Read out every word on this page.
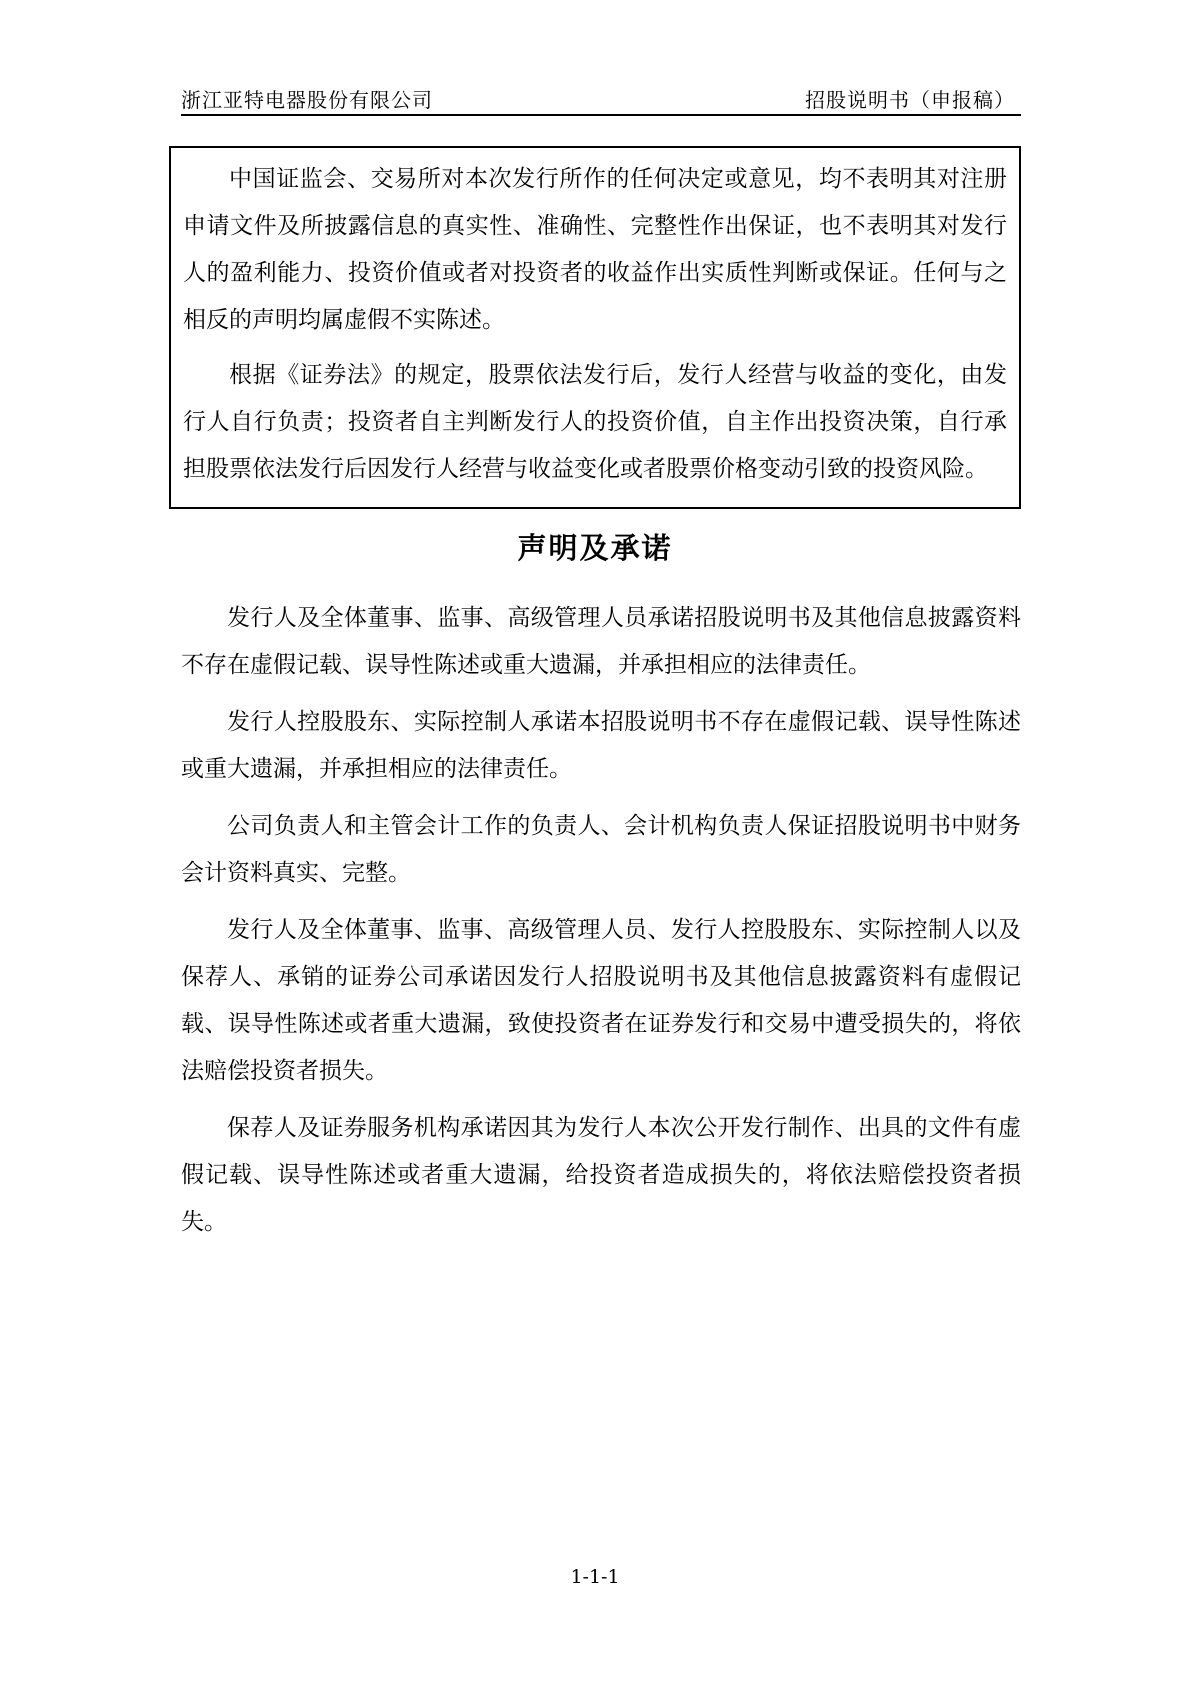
浙江亚特电器股份有限公司	招股说明书（申报稿）

中国证监会、交易所对本次发行所作的任何决定或意见，均不表明其对注册申请文件及所披露信息的真实性、准确性、完整性作出保证，也不表明其对发行人的盈利能力、投资价值或者对投资者的收益作出实质性判断或保证。任何与之相反的声明均属虚假不实陈述。

根据《证券法》的规定，股票依法发行后，发行人经营与收益的变化，由发行人自行负责；投资者自主判断发行人的投资价值，自主作出投资决策，自行承担股票依法发行后因发行人经营与收益变化或者股票价格变动引致的投资风险。

声明及承诺

发行人及全体董事、监事、高级管理人员承诺招股说明书及其他信息披露资料不存在虚假记载、误导性陈述或重大遗漏，并承担相应的法律责任。

发行人控股股东、实际控制人承诺本招股说明书不存在虚假记载、误导性陈述或重大遗漏，并承担相应的法律责任。

公司负责人和主管会计工作的负责人、会计机构负责人保证招股说明书中财务会计资料真实、完整。

发行人及全体董事、监事、高级管理人员、发行人控股股东、实际控制人以及保荐人、承销的证券公司承诺因发行人招股说明书及其他信息披露资料有虚假记载、误导性陈述或者重大遗漏，致使投资者在证券发行和交易中遭受损失的，将依法赔偿投资者损失。

保荐人及证券服务机构承诺因其为发行人本次公开发行制作、出具的文件有虚假记载、误导性陈述或者重大遗漏，给投资者造成损失的，将依法赔偿投资者损失。

1-1-1
